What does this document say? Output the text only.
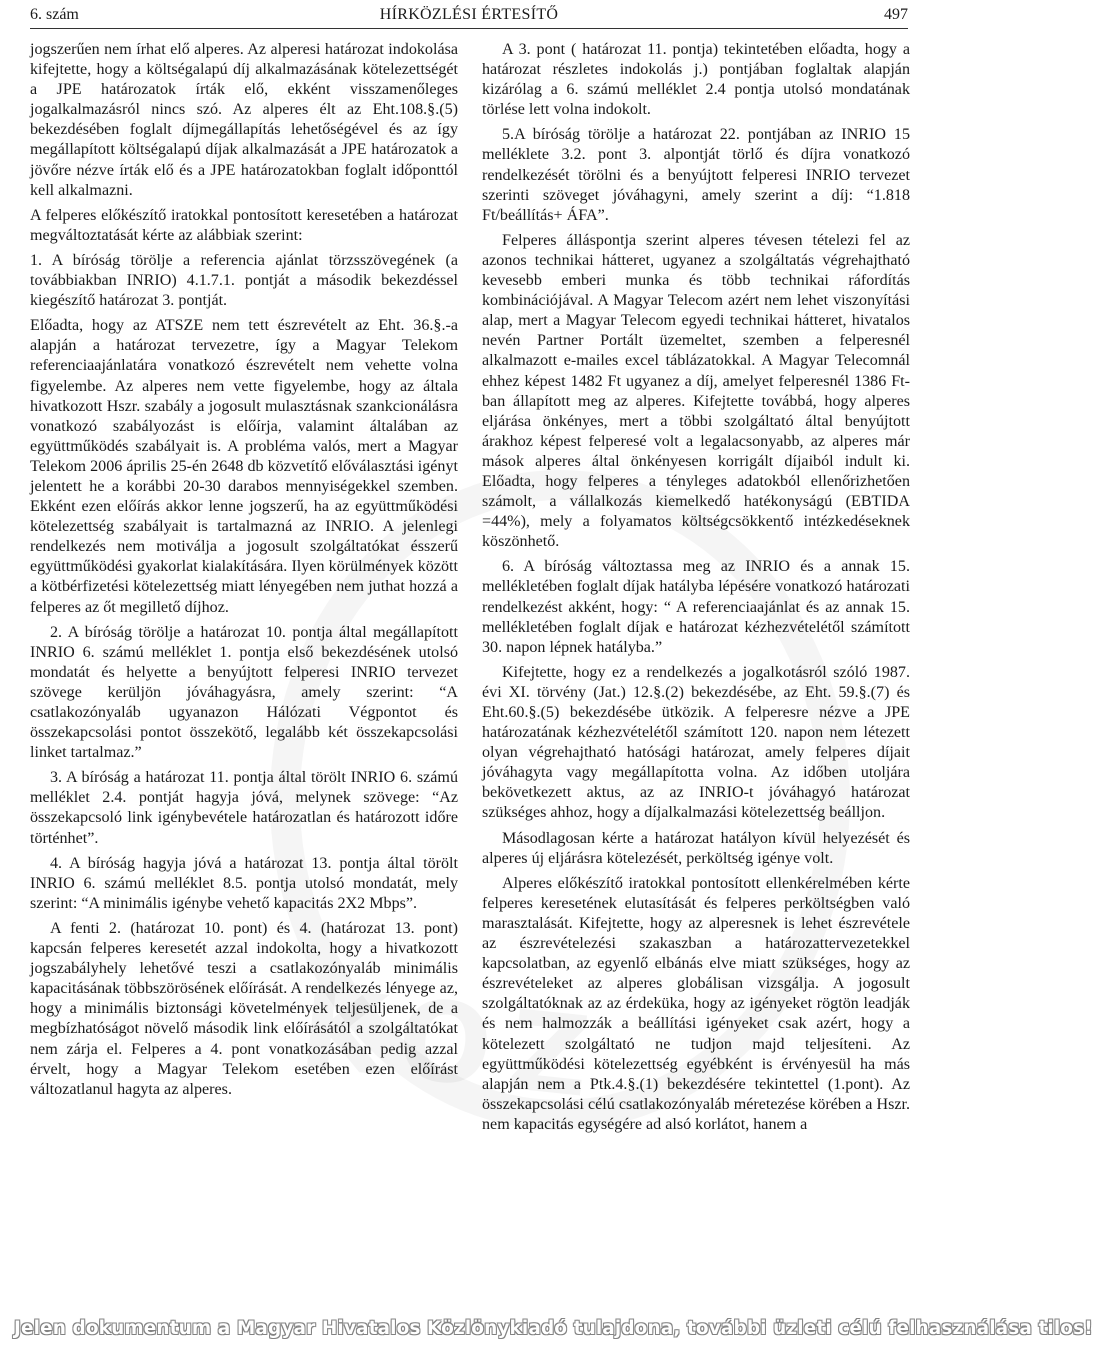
6. szám	HÍRKÖZLÉSI ÉRTESÍTŐ	497

jogszerűen nem írhat elő alperes. Az alperesi határozat indokolása kifejtette, hogy a költségalapú díj alkalmazásának kötelezettségét a JPE határozatok írták elő, ekként visszamenőleges jogalkalmazásról nincs szó. Az alperes élt az Eht.108.§.(5) bekezdésében foglalt díjmegállapítás lehetőségével és az így megállapított költségalapú díjak alkalmazását a JPE határozatok a jövőre nézve írták elő és a JPE határozatokban foglalt időponttól kell alkalmazni.

A felperes előkészítő iratokkal pontosított keresetében a határozat megváltoztatását kérte az alábbiak szerint:

1. A bíróság törölje a referencia ajánlat törzsszövegének (a továbbiakban INRIO) 4.1.7.1. pontját a második bekezdéssel kiegészítő határozat 3. pontját.

Előadta, hogy az ATSZE nem tett észrevételt az Eht. 36.§.-a alapján a határozat tervezetre, így a Magyar Telekom referenciaajánlatára vonatkozó észrevételt nem vehette volna figyelembe. Az alperes nem vette figyelembe, hogy az általa hivatkozott Hszr. szabály a jogosult mulasztásnak szankcionálásra vonatkozó szabályozást is előírja, valamint általában az együttműködés szabályait is. A probléma valós, mert a Magyar Telekom 2006 április 25-én 2648 db közvetítő előválasztási igényt jelentett he a korábbi 20-30 darabos mennyiségekkel szemben. Ekként ezen előírás akkor lenne jogszerű, ha az együttműködési kötelezettség szabályait is tartalmazná az INRIO. A jelenlegi rendelkezés nem motiválja a jogosult szolgáltatókat ésszerű együttműködési gyakorlat kialakítására. Ilyen körülmények között a kötbérfizetési kötelezettség miatt lényegében nem juthat hozzá a felperes az őt megillető díjhoz.

2. A bíróság törölje a határozat 10. pontja által megállapított INRIO 6. számú melléklet 1. pontja első bekezdésének utolsó mondatát és helyette a benyújtott felperesi INRIO tervezet szövege kerüljön jóváhagyásra, amely szerint: “A csatlakozónyaláb ugyanazon Hálózati Végpontot és összekapcsolási pontot összekötő, legalább két összekapcsolási linket tartalmaz.”

3. A bíróság a határozat 11. pontja által törölt INRIO 6. számú melléklet 2.4. pontját hagyja jóvá, melynek szövege: “Az összekapcsoló link igénybevétele határozatlan és határozott időre történhet”.

4. A bíróság hagyja jóvá a határozat 13. pontja által törölt INRIO 6. számú melléklet 8.5. pontja utolsó mondatát, mely szerint: “A minimális igénybe vehető kapacitás 2X2 Mbps”.

A fenti 2. (határozat 10. pont) és 4. (határozat 13. pont) kapcsán felperes keresetét azzal indokolta, hogy a hivatkozott jogszabályhely lehetővé teszi a csatlakozónyaláb minimális kapacitásának többszörösének előírását. A rendelkezés lényege az, hogy a minimális biztonsági követelmények teljesüljenek, de a megbízhatóságot növelő második link előírásától a szolgáltatókat nem zárja el. Felperes a 4. pont vonatkozásában pedig azzal érvelt, hogy a Magyar Telekom esetében ezen előírást változatlanul hagyta az alperes.

A 3. pont ( határozat 11. pontja) tekintetében előadta, hogy a határozat részletes indokolás j.) pontjában foglaltak alapján kizárólag a 6. számú melléklet 2.4 pontja utolsó mondatának törlése lett volna indokolt.

5.A bíróság törölje a határozat 22. pontjában az INRIO 15 melléklete 3.2. pont 3. alpontját törlő és díjra vonatkozó rendelkezését törölni és a benyújtott felperesi INRIO tervezet szerinti szöveget jóváhagyni, amely szerint a díj: “1.818 Ft/beállítás+ ÁFA”.

Felperes álláspontja szerint alperes tévesen tételezi fel az azonos technikai hátteret, ugyanez a szolgáltatás végrehajtható kevesebb emberi munka és több technikai ráfordítás kombinációjával. A Magyar Telecom azért nem lehet viszonyítási alap, mert a Magyar Telecom egyedi technikai hátteret, hivatalos nevén Partner Portált üzemeltet, szemben a felperesnél alkalmazott e-mailes excel táblázatokkal. A Magyar Telecomnál ehhez képest 1482 Ft ugyanez a díj, amelyet felperesnél 1386 Ft-ban állapított meg az alperes. Kifejtette továbbá, hogy alperes eljárása önkényes, mert a többi szolgáltató által benyújtott árakhoz képest felperesé volt a legalacsonyabb, az alperes már mások alperes által önkényesen korrigált díjaiból indult ki. Előadta, hogy felperes a tényleges adatokból ellenőrizhetően számolt, a vállalkozás kiemelkedő hatékonyságú (EBTIDA =44%), mely a folyamatos költségcsökkentő intézkedéseknek köszönhető.

6. A bíróság változtassa meg az INRIO és a annak 15. mellékletében foglalt díjak hatályba lépésére vonatkozó határozati rendelkezést akként, hogy: “ A referenciaajánlat és az annak 15. mellékletében foglalt díjak e határozat kézhezvételétől számított 30. napon lépnek hatályba.”

Kifejtette, hogy ez a rendelkezés a jogalkotásról szóló 1987. évi XI. törvény (Jat.) 12.§.(2) bekezdésébe, az Eht. 59.§.(7) és Eht.60.§.(5) bekezdésébe ütközik. A felperesre nézve a JPE határozatának kézhezvételétől számított 120. napon nem létezett olyan végrehajtható hatósági határozat, amely felperes díjait jóváhagyta vagy megállapította volna. Az időben utoljára bekövetkezett aktus, az az INRIO-t jóváhagyó határozat szükséges ahhoz, hogy a díjalkalmazási kötelezettség beálljon.

Másodlagosan kérte a határozat hatályon kívül helyezését és alperes új eljárásra kötelezését, perköltség igénye volt.

Alperes előkészítő iratokkal pontosított ellenkérelmében kérte felperes keresetének elutasítását és felperes perköltségben való marasztalását. Kifejtette, hogy az alperesnek is lehet észrevétele az észrevételezési szakaszban a határozattervezetekkel kapcsolatban, az egyenlő elbánás elve miatt szükséges, hogy az észrevételeket az alperes globálisan vizsgálja. A jogosult szolgáltatóknak az az érdeküka, hogy az igényeket rögtön leadják és nem halmozzák a beállítási igényeket csak azért, hogy a kötelezett szolgáltató ne tudjon majd teljesíteni. Az együttműködési kötelezettség egyébként is érvényesül ha más alapján nem a Ptk.4.§.(1) bekezdésére tekintettel (1.pont). Az összekapcsolási célú csatlakozónyaláb méretezése körében a Hszr. nem kapacitás egységére ad alsó korlátot, hanem a

Jelen dokumentum a Magyar Hivatalos Közlönykiadó tulajdona, további üzleti célú felhasználása tilos!
